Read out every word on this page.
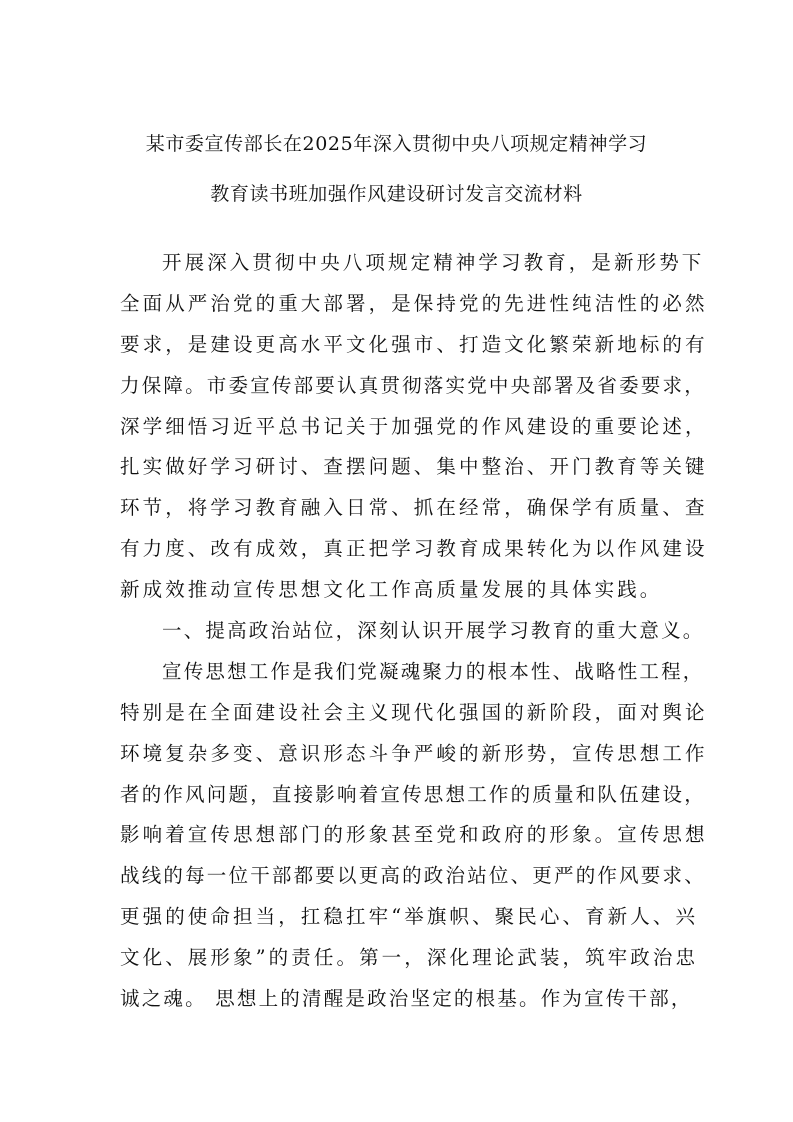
某市委宣传部长在2025年深入贯彻中央八项规定精神学习
教育读书班加强作风建设研讨发言交流材料
开展深入贯彻中央八项规定精神学习教育，是新形势下
全面从严治党的重大部署，是保持党的先进性纯洁性的必然
要求，是建设更高水平文化强市、打造文化繁荣新地标的有
力保障。市委宣传部要认真贯彻落实党中央部署及省委要求，
深学细悟习近平总书记关于加强党的作风建设的重要论述，
扎实做好学习研讨、查摆问题、集中整治、开门教育等关键
环节，将学习教育融入日常、抓在经常，确保学有质量、查
有力度、改有成效，真正把学习教育成果转化为以作风建设
新成效推动宣传思想文化工作高质量发展的具体实践。
一、提高政治站位，深刻认识开展学习教育的重大意义。
宣传思想工作是我们党凝魂聚力的根本性、战略性工程，
特别是在全面建设社会主义现代化强国的新阶段，面对舆论
环境复杂多变、意识形态斗争严峻的新形势，宣传思想工作
者的作风问题，直接影响着宣传思想工作的质量和队伍建设，
影响着宣传思想部门的形象甚至党和政府的形象。宣传思想
战线的每一位干部都要以更高的政治站位、更严的作风要求、
更强的使命担当，扛稳扛牢“举旗帜、聚民心、育新人、兴
文化、展形象”的责任。第一，深化理论武装，筑牢政治忠
诚之魂。 思想上的清醒是政治坚定的根基。作为宣传干部，
